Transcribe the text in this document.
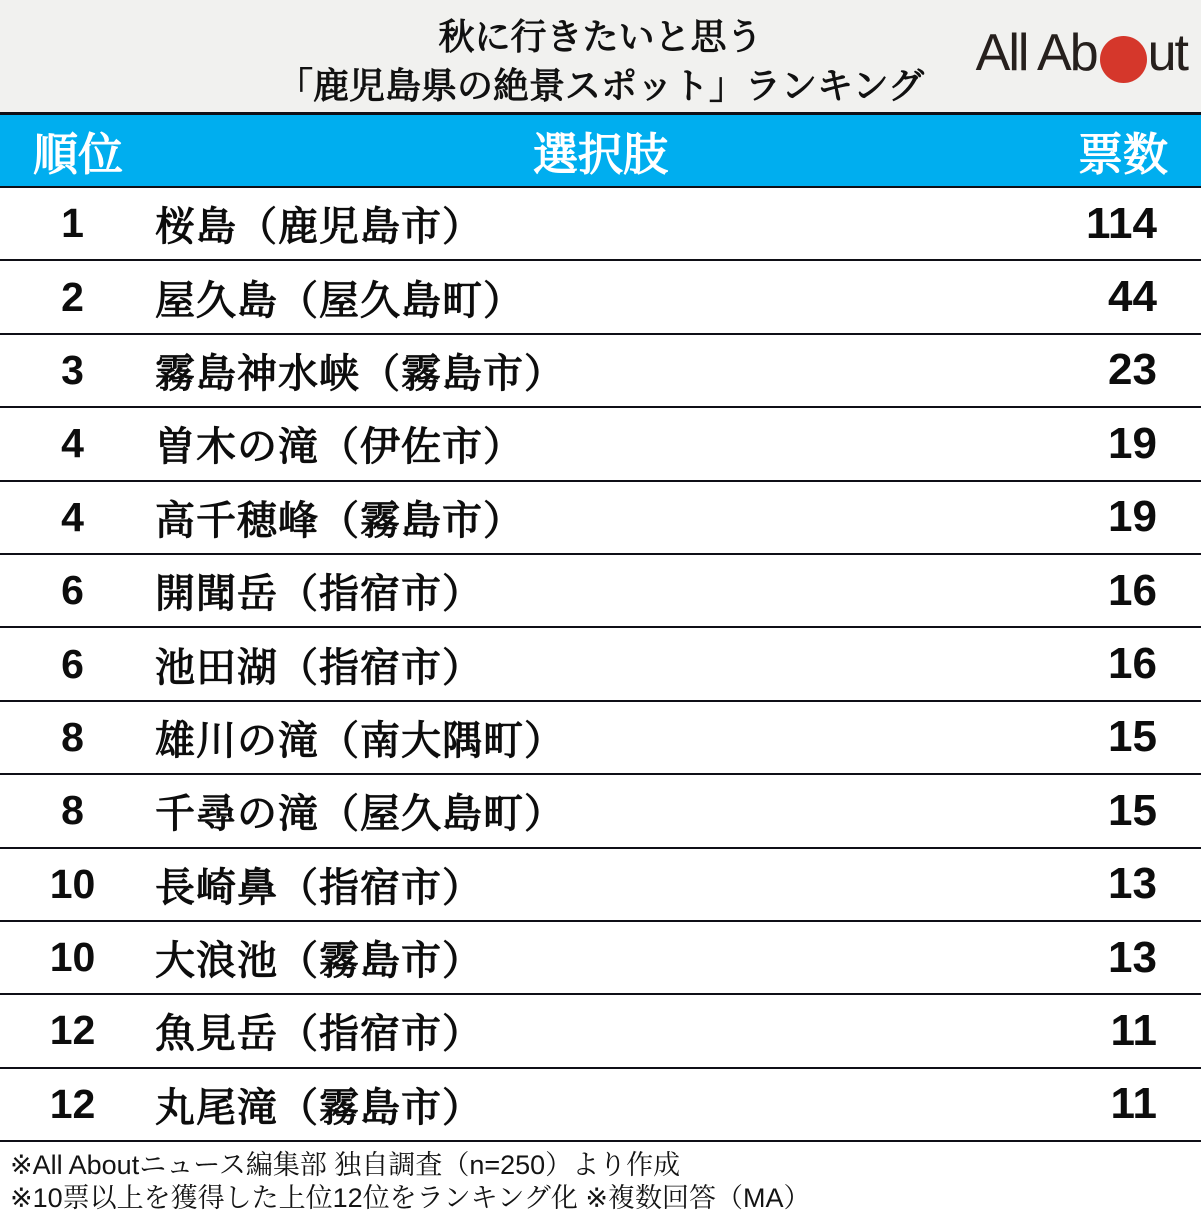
秋に行きたいと思う
「鹿児島県の絶景スポット」ランキング
All Ab ut
順位	選択肢	票数
1	桜島（鹿児島市）	114
2	屋久島（屋久島町）	44
3	霧島神水峡（霧島市）	23
4	曽木の滝（伊佐市）	19
4	高千穂峰（霧島市）	19
6	開聞岳（指宿市）	16
6	池田湖（指宿市）	16
8	雄川の滝（南大隅町）	15
8	千尋の滝（屋久島町）	15
10	長崎鼻（指宿市）	13
10	大浪池（霧島市）	13
12	魚見岳（指宿市）	11
12	丸尾滝（霧島市）	11
※All Aboutニュース編集部 独自調査（n=250）より作成
※10票以上を獲得した上位12位をランキング化 ※複数回答（MA）
